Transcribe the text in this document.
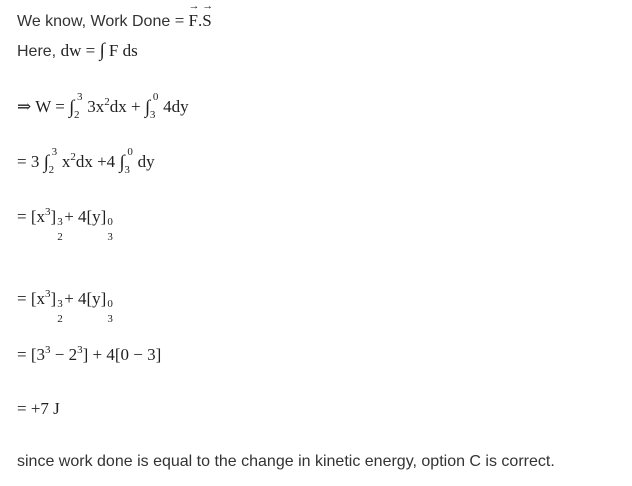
We know, Work Done = → F.→ S
Here, dw = ∫ F ds
⇒ W = ∫ 3
2 $3x^2dx$ + ∫ 0
3 4dy
= 3 ∫ 3
2 $x^2dx +4$ ∫ 0
3 dy
= $[x^3]$ 3
2
+ 4[y] 0
3
= $[x^3]$ 3
2
+ 4[y] 0
3
= $[3^3 - 2^3] + 4[0 - 3]$
= +7 J
since work done is equal to the change in kinetic energy, option C is correct.
